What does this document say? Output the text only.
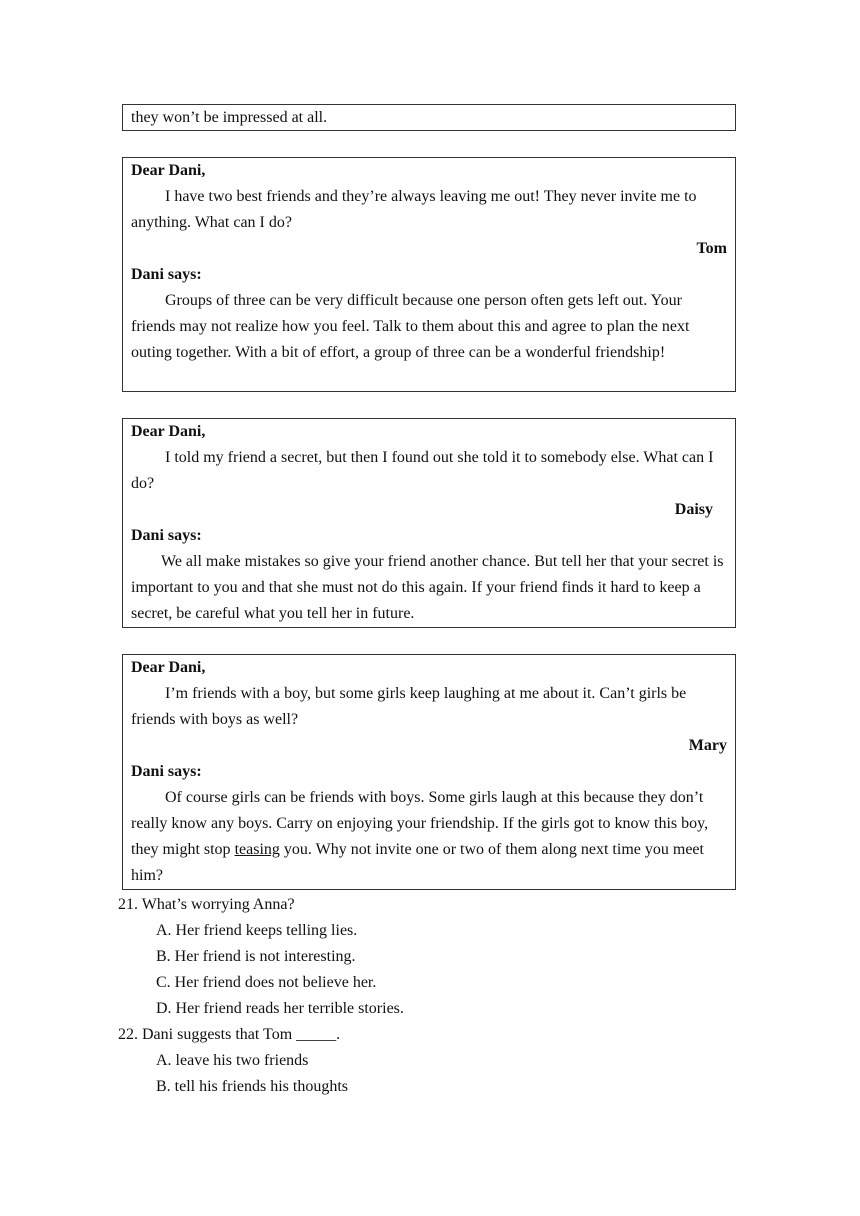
they won’t be impressed at all.

Dear Dani,

I have two best friends and they’re always leaving me out! They never invite me to anything. What can I do?

Tom

Dani says:

Groups of three can be very difficult because one person often gets left out. Your friends may not realize how you feel. Talk to them about this and agree to plan the next outing together. With a bit of effort, a group of three can be a wonderful friendship!

Dear Dani,

I told my friend a secret, but then I found out she told it to somebody else. What can I do?

Daisy

Dani says:

We all make mistakes so give your friend another chance. But tell her that your secret is important to you and that she must not do this again. If your friend finds it hard to keep a secret, be careful what you tell her in future.

Dear Dani,

I’m friends with a boy, but some girls keep laughing at me about it. Can’t girls be friends with boys as well?

Mary

Dani says:

Of course girls can be friends with boys. Some girls laugh at this because they don’t really know any boys. Carry on enjoying your friendship. If the girls got to know this boy, they might stop teasing you. Why not invite one or two of them along next time you meet him?

21. What’s worrying Anna?

A. Her friend keeps telling lies.

B. Her friend is not interesting.

C. Her friend does not believe her.

D. Her friend reads her terrible stories.

22. Dani suggests that Tom _____.

A. leave his two friends

B. tell his friends his thoughts
